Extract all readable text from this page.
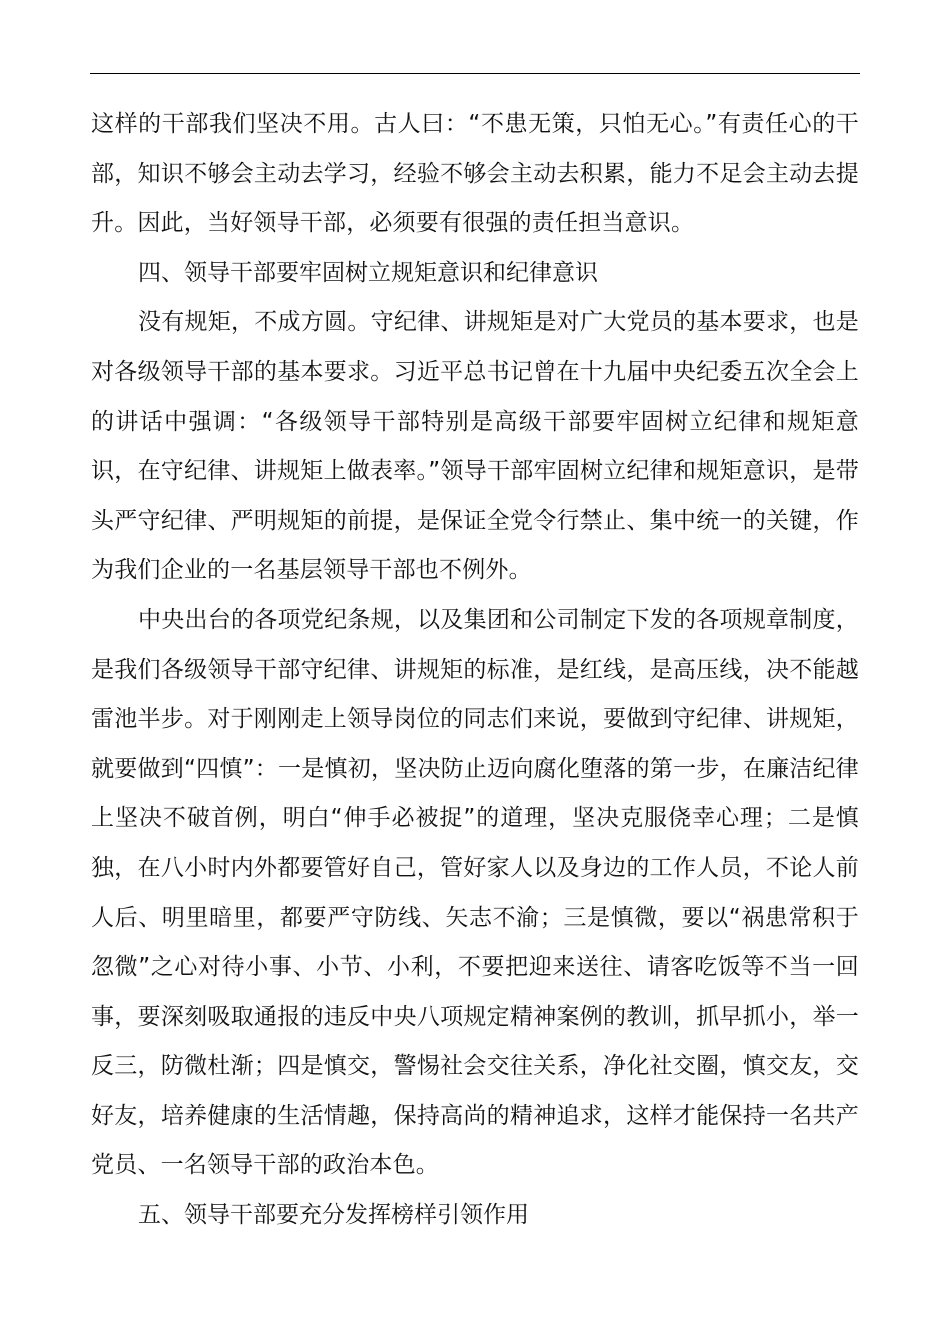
这样的干部我们坚决不用。古人曰：“不患无策，只怕无心。”有责任心的干部，知识不够会主动去学习，经验不够会主动去积累，能力不足会主动去提升。因此，当好领导干部，必须要有很强的责任担当意识。

四、领导干部要牢固树立规矩意识和纪律意识

没有规矩，不成方圆。守纪律、讲规矩是对广大党员的基本要求，也是对各级领导干部的基本要求。习近平总书记曾在十九届中央纪委五次全会上的讲话中强调：“各级领导干部特别是高级干部要牢固树立纪律和规矩意识，在守纪律、讲规矩上做表率。”领导干部牢固树立纪律和规矩意识，是带头严守纪律、严明规矩的前提，是保证全党令行禁止、集中统一的关键，作为我们企业的一名基层领导干部也不例外。

中央出台的各项党纪条规，以及集团和公司制定下发的各项规章制度，是我们各级领导干部守纪律、讲规矩的标准，是红线，是高压线，决不能越雷池半步。对于刚刚走上领导岗位的同志们来说，要做到守纪律、讲规矩，就要做到“四慎”：一是慎初，坚决防止迈向腐化堕落的第一步，在廉洁纪律上坚决不破首例，明白“伸手必被捉”的道理，坚决克服侥幸心理；二是慎独，在八小时内外都要管好自己，管好家人以及身边的工作人员，不论人前人后、明里暗里，都要严守防线、矢志不渝；三是慎微，要以“祸患常积于忽微”之心对待小事、小节、小利，不要把迎来送往、请客吃饭等不当一回事，要深刻吸取通报的违反中央八项规定精神案例的教训，抓早抓小，举一反三，防微杜渐；四是慎交，警惕社会交往关系，净化社交圈，慎交友，交好友，培养健康的生活情趣，保持高尚的精神追求，这样才能保持一名共产党员、一名领导干部的政治本色。

五、领导干部要充分发挥榜样引领作用
